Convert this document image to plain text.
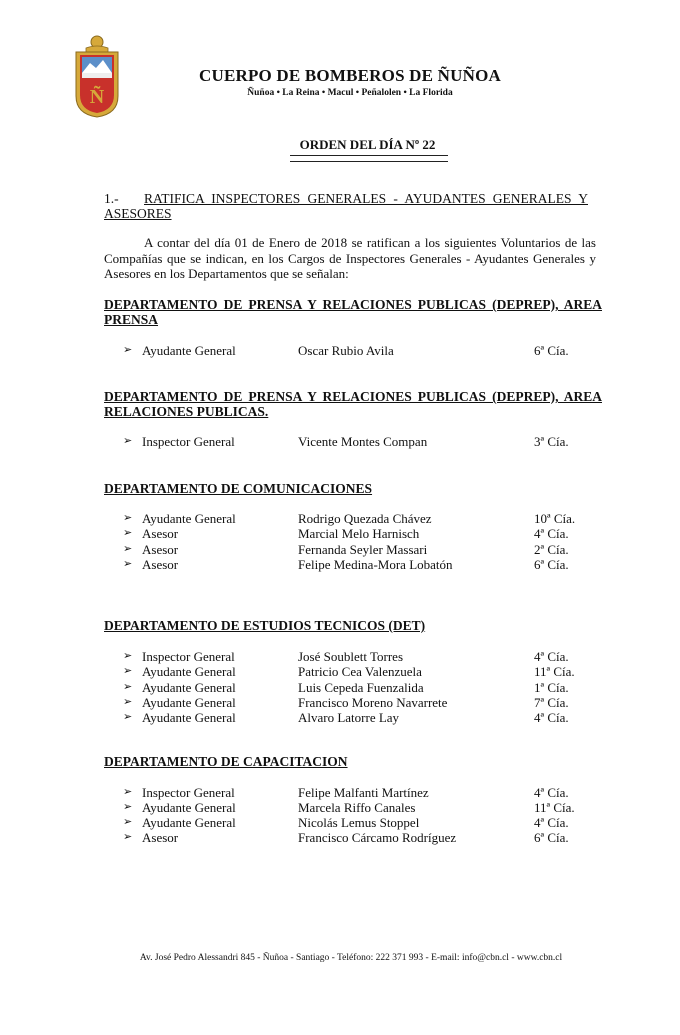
Ñ
CUERPO DE BOMBEROS DE ÑUÑOA
Ñuñoa • La Reina • Macul • Peñalolen • La Florida
ORDEN DEL DÍA Nº 22
1.-	RATIFICA INSPECTORES GENERALES - AYUDANTES GENERALES Y ASESORES
A contar del día 01 de Enero de 2018 se ratifican a los siguientes Voluntarios de las Compañías que se indican, en los Cargos de Inspectores Generales - Ayudantes Generales y Asesores en los Departamentos que se señalan:
DEPARTAMENTO DE PRENSA Y RELACIONES PUBLICAS (DEPREP), AREA PRENSA
➢ Ayudante General	Oscar Rubio Avila	6ª Cía.
DEPARTAMENTO DE PRENSA Y RELACIONES PUBLICAS (DEPREP), AREA RELACIONES PUBLICAS.
➢ Inspector General	Vicente Montes Compan	3ª Cía.
DEPARTAMENTO DE COMUNICACIONES
➢ Ayudante General	Rodrigo Quezada Chávez	10ª Cía.
➢ Asesor	Marcial Melo Harnisch	4ª Cía.
➢ Asesor	Fernanda Seyler Massari	2ª Cía.
➢ Asesor	Felipe Medina-Mora Lobatón	6ª Cía.
DEPARTAMENTO DE ESTUDIOS TECNICOS (DET)
➢ Inspector General	José Soublett Torres	4ª Cía.
➢ Ayudante General	Patricio Cea Valenzuela	11ª Cía.
➢ Ayudante General	Luis Cepeda Fuenzalida	1ª Cía.
➢ Ayudante General	Francisco Moreno Navarrete	7ª Cía.
➢ Ayudante General	Alvaro Latorre Lay	4ª Cía.
DEPARTAMENTO DE CAPACITACION
➢ Inspector General	Felipe Malfanti Martínez	4ª Cía.
➢ Ayudante General	Marcela Riffo Canales	11ª Cía.
➢ Ayudante General	Nicolás Lemus Stoppel	4ª Cía.
➢ Asesor	Francisco Cárcamo Rodríguez	6ª Cía.
Av. José Pedro Alessandri 845 - Ñuñoa - Santiago - Teléfono: 222 371 993 - E-mail: info@cbn.cl - www.cbn.cl
